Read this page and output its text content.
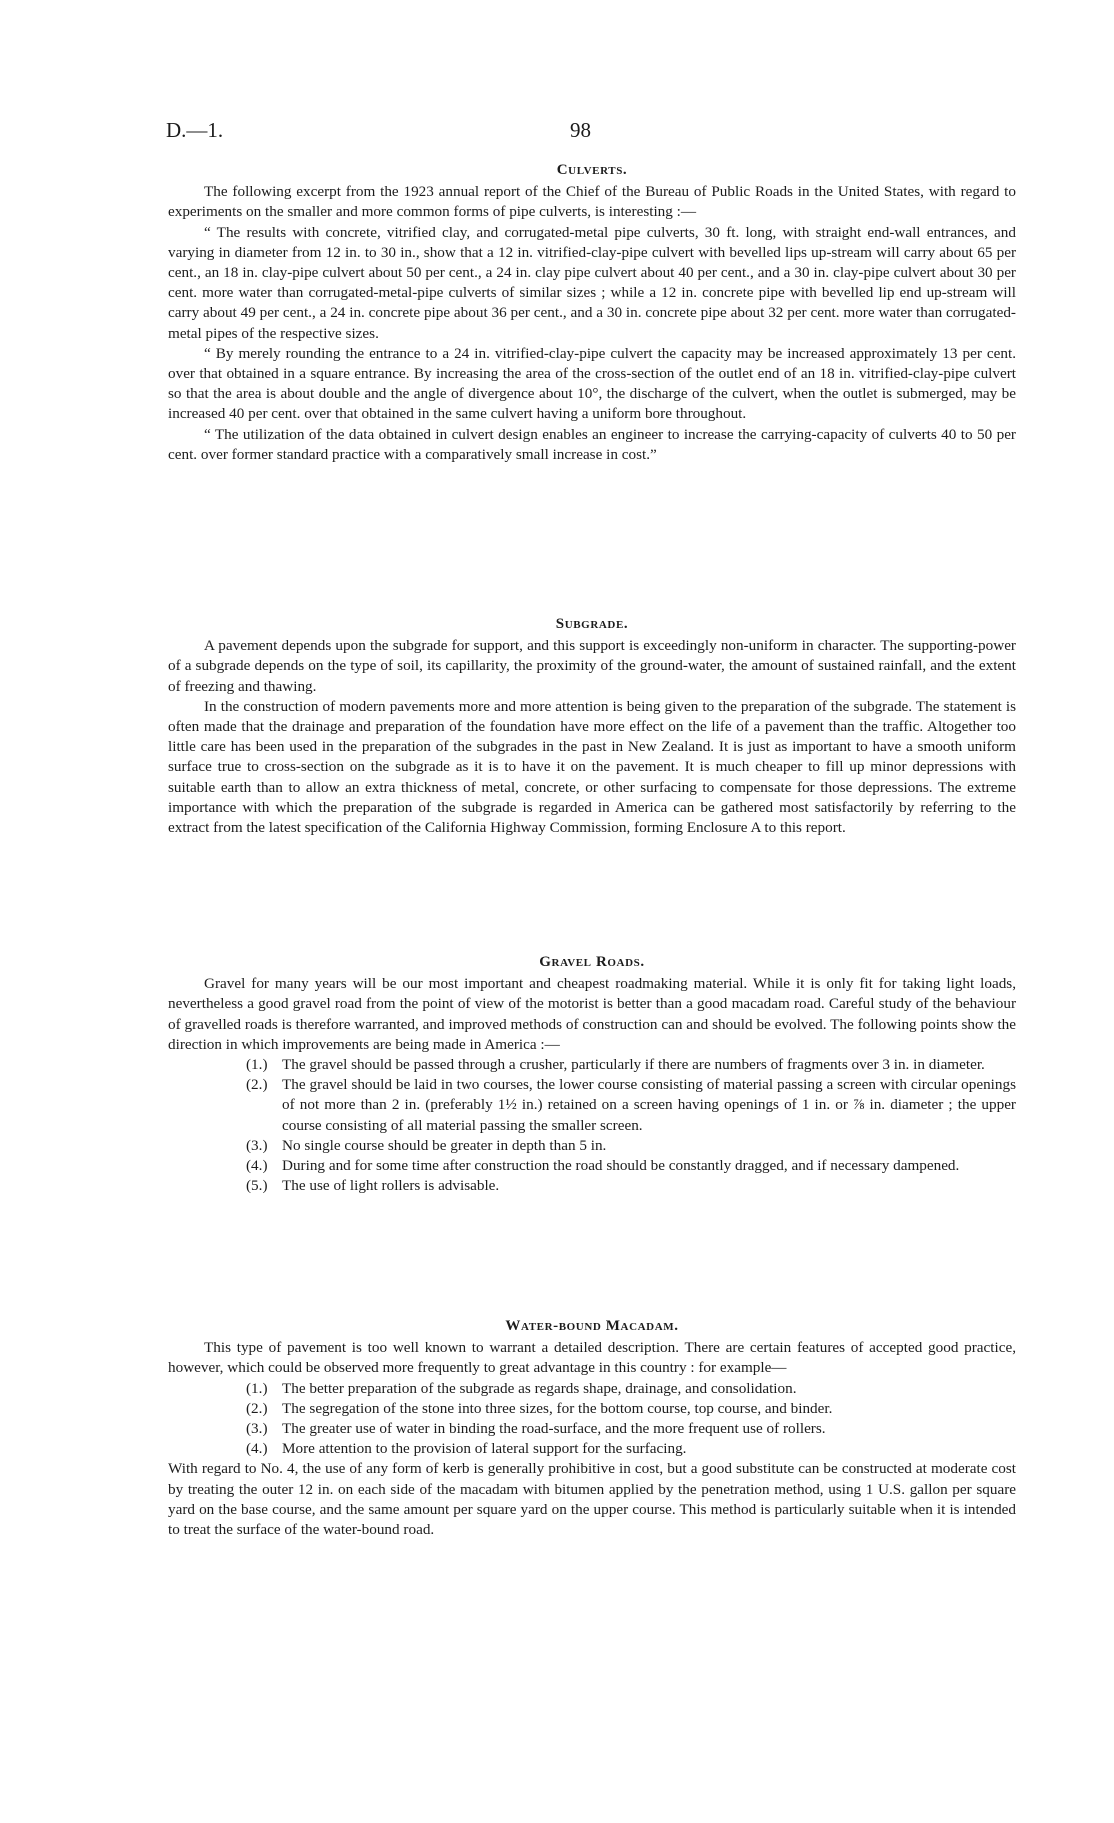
D.—1.	98
Culverts.

The following excerpt from the 1923 annual report of the Chief of the Bureau of Public Roads in the United States, with regard to experiments on the smaller and more common forms of pipe culverts, is interesting :—

“ The results with concrete, vitrified clay, and corrugated-metal pipe culverts, 30 ft. long, with straight end-wall entrances, and varying in diameter from 12 in. to 30 in., show that a 12 in. vitrified-clay-pipe culvert with bevelled lips up-stream will carry about 65 per cent., an 18 in. clay-pipe culvert about 50 per cent., a 24 in. clay pipe culvert about 40 per cent., and a 30 in. clay-pipe culvert about 30 per cent. more water than corrugated-metal-pipe culverts of similar sizes ; while a 12 in. concrete pipe with bevelled lip end up-stream will carry about 49 per cent., a 24 in. concrete pipe about 36 per cent., and a 30 in. concrete pipe about 32 per cent. more water than corrugated-metal pipes of the respective sizes.

“ By merely rounding the entrance to a 24 in. vitrified-clay-pipe culvert the capacity may be increased approximately 13 per cent. over that obtained in a square entrance. By increasing the area of the cross-section of the outlet end of an 18 in. vitrified-clay-pipe culvert so that the area is about double and the angle of divergence about 10°, the discharge of the culvert, when the outlet is submerged, may be increased 40 per cent. over that obtained in the same culvert having a uniform bore throughout.

“ The utilization of the data obtained in culvert design enables an engineer to increase the carrying-capacity of culverts 40 to 50 per cent. over former standard practice with a comparatively small increase in cost.”

Subgrade.

A pavement depends upon the subgrade for support, and this support is exceedingly non-uniform in character. The supporting-power of a subgrade depends on the type of soil, its capillarity, the proximity of the ground-water, the amount of sustained rainfall, and the extent of freezing and thawing.

In the construction of modern pavements more and more attention is being given to the preparation of the subgrade. The statement is often made that the drainage and preparation of the foundation have more effect on the life of a pavement than the traffic. Altogether too little care has been used in the preparation of the subgrades in the past in New Zealand. It is just as important to have a smooth uniform surface true to cross-section on the subgrade as it is to have it on the pavement. It is much cheaper to fill up minor depressions with suitable earth than to allow an extra thickness of metal, concrete, or other surfacing to compensate for those depressions. The extreme importance with which the preparation of the subgrade is regarded in America can be gathered most satisfactorily by referring to the extract from the latest specification of the California Highway Commission, forming Enclosure A to this report.

Gravel Roads.

Gravel for many years will be our most important and cheapest roadmaking material. While it is only fit for taking light loads, nevertheless a good gravel road from the point of view of the motorist is better than a good macadam road. Careful study of the behaviour of gravelled roads is therefore warranted, and improved methods of construction can and should be evolved. The following points show the direction in which improvements are being made in America :—

(1.) The gravel should be passed through a crusher, particularly if there are numbers of fragments over 3 in. in diameter.
(2.) The gravel should be laid in two courses, the lower course consisting of material passing a screen with circular openings of not more than 2 in. (preferably 1½ in.) retained on a screen having openings of 1 in. or ⅞ in. diameter ; the upper course consisting of all material passing the smaller screen.
(3.) No single course should be greater in depth than 5 in.
(4.) During and for some time after construction the road should be constantly dragged, and if necessary dampened.
(5.) The use of light rollers is advisable.
Water-bound Macadam.

This type of pavement is too well known to warrant a detailed description. There are certain features of accepted good practice, however, which could be observed more frequently to great advantage in this country : for example—

(1.) The better preparation of the subgrade as regards shape, drainage, and consolidation.
(2.) The segregation of the stone into three sizes, for the bottom course, top course, and binder.
(3.) The greater use of water in binding the road-surface, and the more frequent use of rollers.
(4.) More attention to the provision of lateral support for the surfacing.

With regard to No. 4, the use of any form of kerb is generally prohibitive in cost, but a good substitute can be constructed at moderate cost by treating the outer 12 in. on each side of the macadam with bitumen applied by the penetration method, using 1 U.S. gallon per square yard on the base course, and the same amount per square yard on the upper course. This method is particularly suitable when it is intended to treat the surface of the water-bound road.
